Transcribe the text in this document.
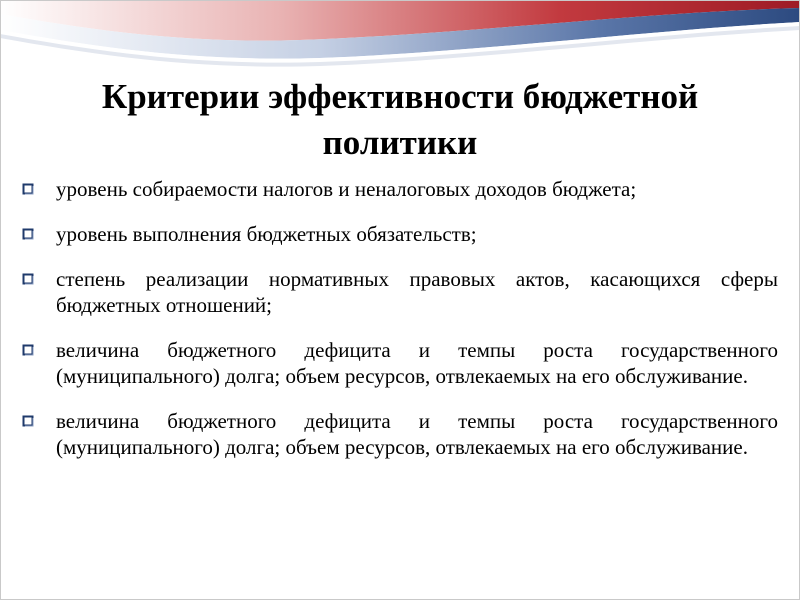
Критерии эффективности бюджетной политики
уровень собираемости налогов и неналоговых доходов бюджета;
уровень выполнения бюджетных обязательств;
степень реализации нормативных правовых актов, касающихся сферы бюджетных отношений;
величина бюджетного дефицита и темпы роста государственного (муниципального) долга; объем ресурсов, отвлекаемых на его обслуживание.
величина бюджетного дефицита и темпы роста государственного (муниципального) долга; объем ресурсов, отвлекаемых на его обслуживание.
